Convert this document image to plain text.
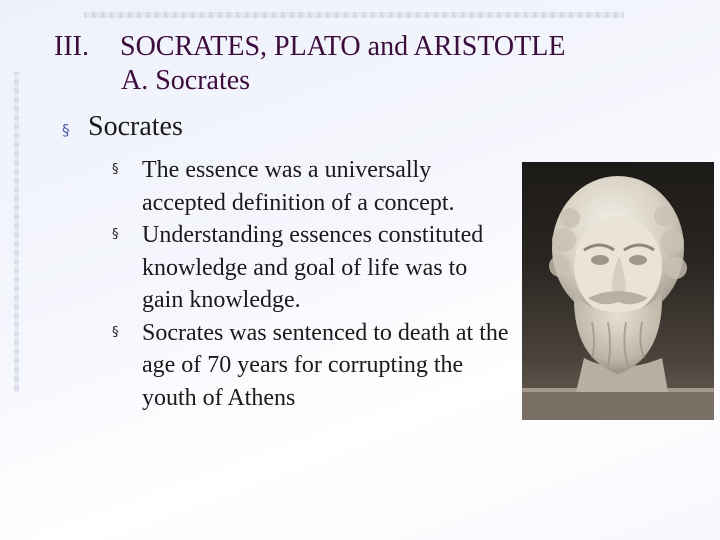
III. SOCRATES, PLATO and ARISTOTLE
A. Socrates
§ Socrates
§ The essence was a universally accepted definition of a concept.
§ Understanding essences constituted knowledge and goal of life was to gain knowledge.
§ Socrates was sentenced to death at the age of 70 years for corrupting the youth of Athens
